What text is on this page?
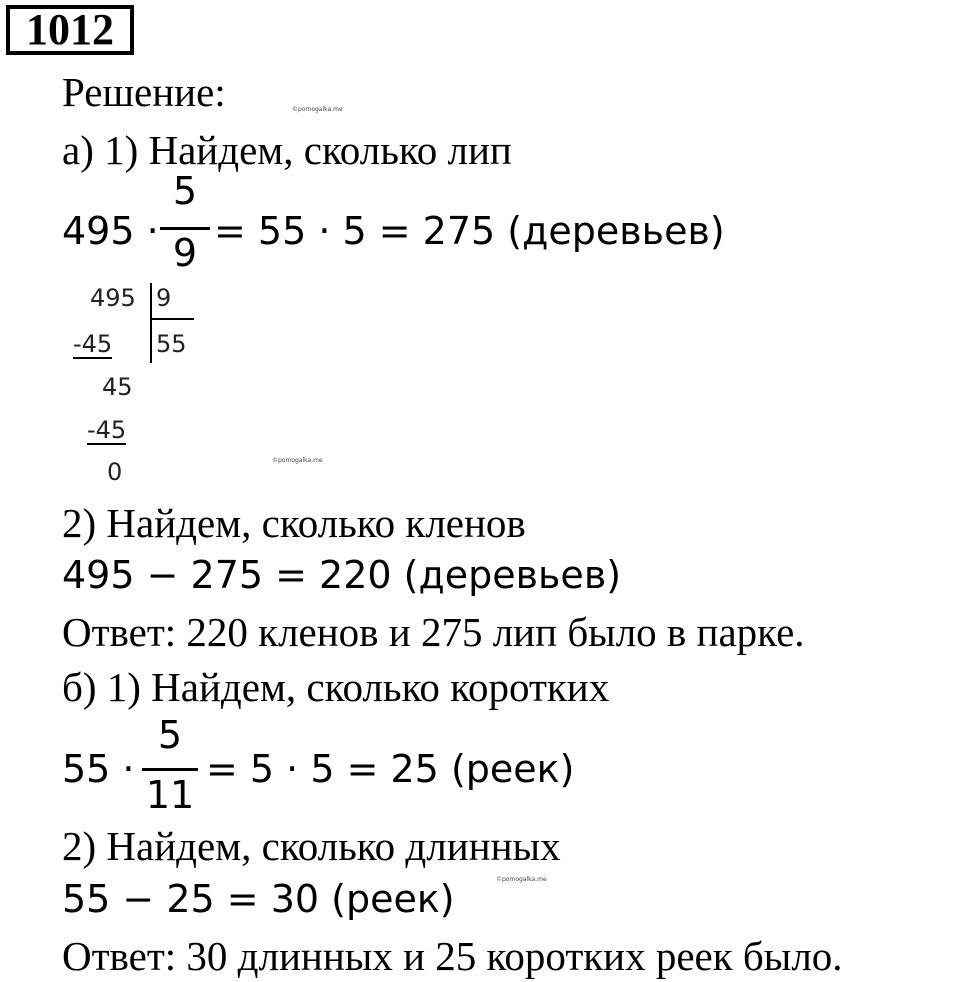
1012
Решение:	©pomogalka.me
а) 1) Найдем, сколько лип
495 ·
5
9 = 55 · 5 = 275 (деревьев)
495 9
55
-45
45
-45
0	©pomogalka.me
2) Найдем, сколько кленов
495 − 275 = 220 (деревьев)
Ответ: 220 кленов и 275 лип было в парке.
б) 1) Найдем, сколько коротких
55 ·
5
11
= 5 · 5 = 25 (реек)
2) Найдем, сколько длинных
55 − 25 = 30 (реек)	©pomogalka.me
Ответ: 30 длинных и 25 коротких реек было.
